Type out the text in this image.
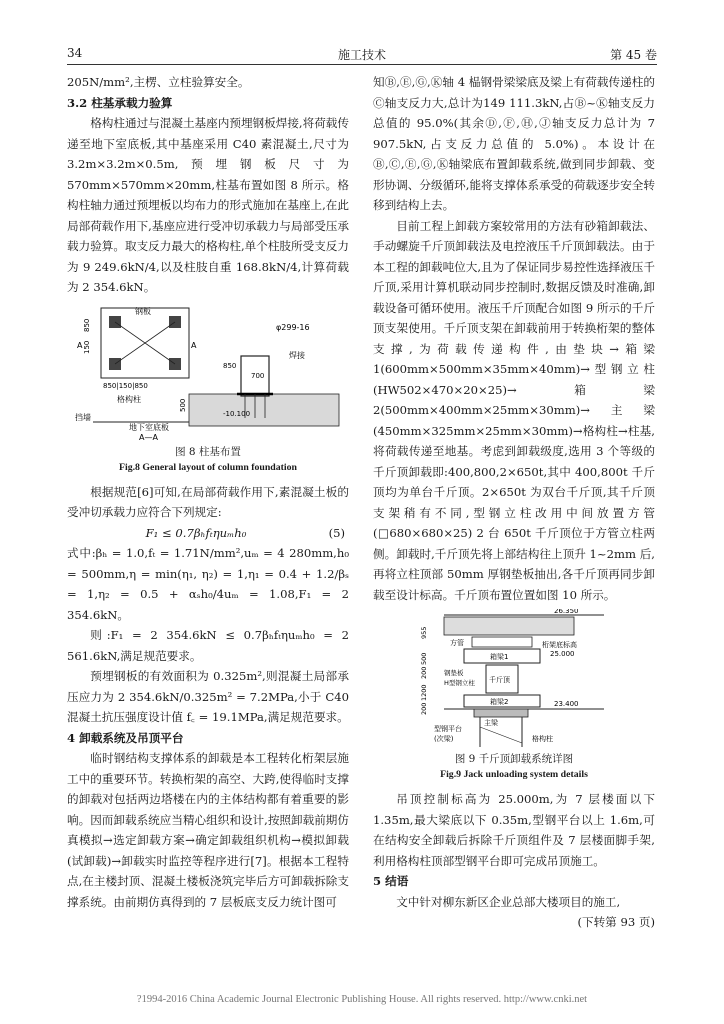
34	施工技术	第 45 卷

205N/mm²,主楞、立柱验算安全。

3.2 柱基承载力验算

格构柱通过与混凝土基座内预埋钢板焊接,将荷载传递至地下室底板,其中基座采用 C40 素混凝土,尺寸为 3.2m×3.2m×0.5m,预埋钢板尺寸为 570mm×570mm×20mm,柱基布置如图 8 所示。格构柱轴力通过预埋板以均布力的形式施加在基座上,在此局部荷载作用下,基座应进行受冲切承载力与局部受压承载力验算。取支反力最大的格构柱,单个柱肢所受支反力为 9 249.6kN/4,以及柱肢自重 168.8kN/4,计算荷载为 2 354.6kN。

钢板
A	A
850
150
850|150|850
格构柱
挡墙
φ299-16
焊接
850
700
-10.100
500
地下室底板
A—A
图 8 柱基布置
Fig.8 General layout of column foundation

根据规范[6]可知,在局部荷载作用下,素混凝土板的受冲切承载力应符合下列规定:

F₁ ≤ 0.7βₕfₜηuₘh₀	(5)

式中:βₕ = 1.0,fₜ = 1.71N/mm²,uₘ = 4 280mm,h₀ = 500mm,η = min(η₁, η₂) = 1,η₁ = 0.4 + 1.2/βₛ = 1,η₂ = 0.5 + αₛh₀/4uₘ = 1.08,F₁ = 2 354.6kN。

则:F₁ = 2 354.6kN ≤ 0.7βₕfₜηuₘh₀ = 2 561.6kN,满足规范要求。

预埋钢板的有效面积为 0.325m²,则混凝土局部承压应力为 2 354.6kN/0.325m² = 7.2MPa,小于 C40 混凝土抗压强度设计值 f꜀ = 19.1MPa,满足规范要求。

4 卸载系统及吊顶平台

临时钢结构支撑体系的卸载是本工程转化桁架层施工中的重要环节。转换桁架的高空、大跨,使得临时支撑的卸载对包括两边塔楼在内的主体结构都有着重要的影响。因而卸载系统应当精心组织和设计,按照卸载前期仿真模拟→选定卸载方案→确定卸载组织机构→模拟卸载(试卸载)→卸载实时监控等程序进行[7]。根据本工程特点,在主楼封顶、混凝土楼板浇筑完毕后方可卸载拆除支撑系统。由前期仿真得到的 7 层板底支反力统计图可

知Ⓑ,Ⓔ,Ⓖ,Ⓚ轴 4 榀钢骨梁梁底及梁上有荷载传递柱的Ⓒ轴支反力大,总计为149 111.3kN,占Ⓑ~Ⓚ轴支反力总值的 95.0%(其余Ⓓ,Ⓕ,Ⓗ,Ⓙ轴支反力总计为 7 907.5kN,占支反力总值的 5.0%)。本设计在Ⓑ,Ⓒ,Ⓔ,Ⓖ,Ⓚ轴梁底布置卸载系统,做到同步卸载、变形协调、分级循环,能将支撑体系承受的荷载逐步安全转移到结构上去。

目前工程上卸载方案较常用的方法有砂箱卸载法、手动螺旋千斤顶卸载法及电控液压千斤顶卸载法。由于本工程的卸载吨位大,且为了保证同步易控性选择液压千斤顶,采用计算机联动同步控制时,数据反馈及时准确,卸载设备可循环使用。液压千斤顶配合如图 9 所示的千斤顶支架使用。千斤顶支架在卸载前用于转换桁架的整体支撑,为荷载传递构件,由垫块→箱梁 1(600mm×500mm×35mm×40mm)→型钢立柱(HW502×470×20×25)→箱梁 2(500mm×400mm×25mm×30mm)→主梁(450mm×325mm×25mm×30mm)→格构柱→柱基,将荷载传递至地基。考虑到卸载级度,选用 3 个等级的千斤顶卸载即:400,800,2×650t,其中 400,800t 千斤顶均为单台千斤顶。2×650t 为双台千斤顶,其千斤顶支架稍有不同,型钢立柱改用中间放置方管(□680×680×25) 2 台 650t 千斤顶位于方管立柱两侧。卸载时,千斤顶先将上部结构往上顶升 1~2mm 后,再将立柱顶部 50mm 厚钢垫板抽出,各千斤顶再同步卸载至设计标高。千斤顶布置位置如图 10 所示。

26.350
桁架底标高
25.000
方管
箱梁1
千斤顶
钢垫板
H型钢立柱
箱梁2	23.400
主梁
型钢平台
(次梁)	格构柱
955
500
200
1200
200
图 9 千斤顶卸载系统详图
Fig.9 Jack unloading system details

吊顶控制标高为 25.000m,为 7 层楼面以下 1.35m,最大梁底以下 0.35m,型钢平台以上 1.6m,可在结构安全卸载后拆除千斤顶组件及 7 层楼面脚手架,利用格构柱顶部型钢平台即可完成吊顶施工。

5 结语

文中针对柳东新区企业总部大楼项目的施工,

(下转第 93 页)

?1994-2016 China Academic Journal Electronic Publishing House. All rights reserved. http://www.cnki.net
